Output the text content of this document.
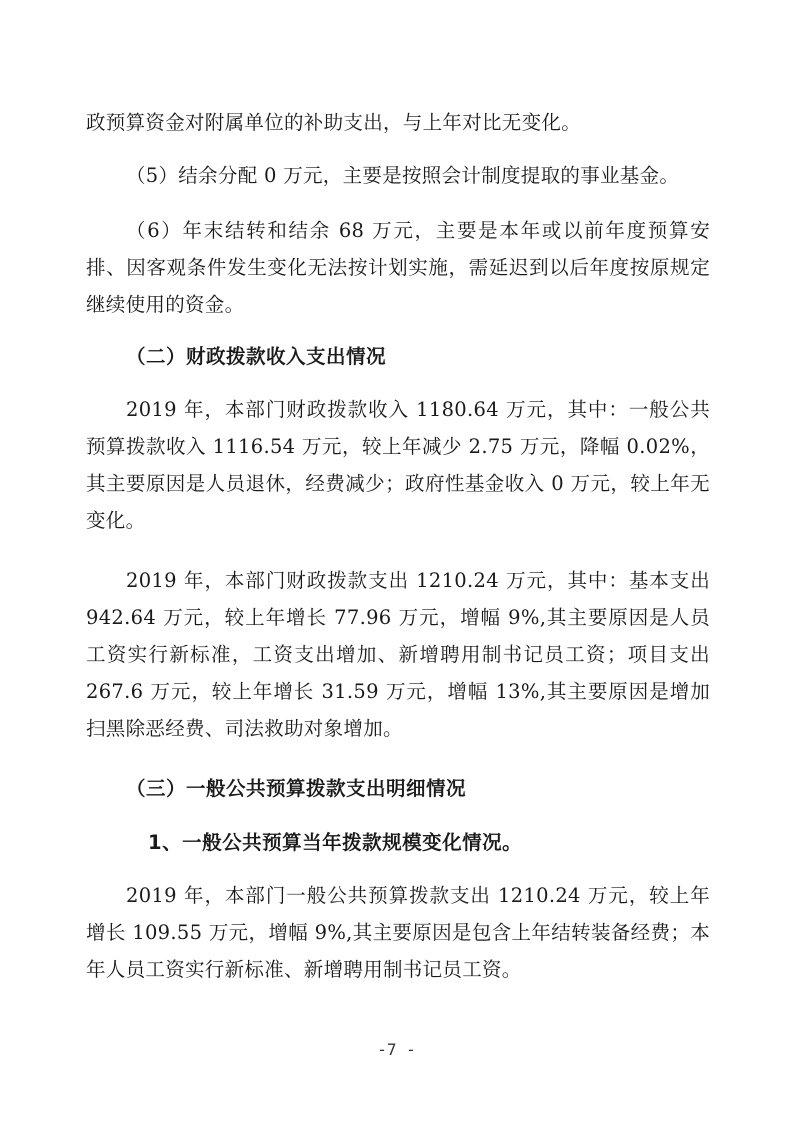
政预算资金对附属单位的补助支出，与上年对比无变化。

（5）结余分配 0 万元，主要是按照会计制度提取的事业基金。

（6）年末结转和结余 68 万元，主要是本年或以前年度预算安排、因客观条件发生变化无法按计划实施，需延迟到以后年度按原规定继续使用的资金。

（二）财政拨款收入支出情况

2019 年，本部门财政拨款收入 1180.64 万元，其中：一般公共预算拨款收入 1116.54 万元，较上年减少 2.75 万元，降幅 0.02%，其主要原因是人员退休，经费减少；政府性基金收入 0 万元，较上年无变化。

2019 年，本部门财政拨款支出 1210.24 万元，其中：基本支出 942.64 万元，较上年增长 77.96 万元，增幅 9%,其主要原因是人员工资实行新标准，工资支出增加、新增聘用制书记员工资；项目支出 267.6 万元，较上年增长 31.59 万元，增幅 13%,其主要原因是增加扫黑除恶经费、司法救助对象增加。

（三）一般公共预算拨款支出明细情况

1、一般公共预算当年拨款规模变化情况。

2019 年，本部门一般公共预算拨款支出 1210.24 万元，较上年增长 109.55 万元，增幅 9%,其主要原因是包含上年结转装备经费；本年人员工资实行新标准、新增聘用制书记员工资。

-7 -
